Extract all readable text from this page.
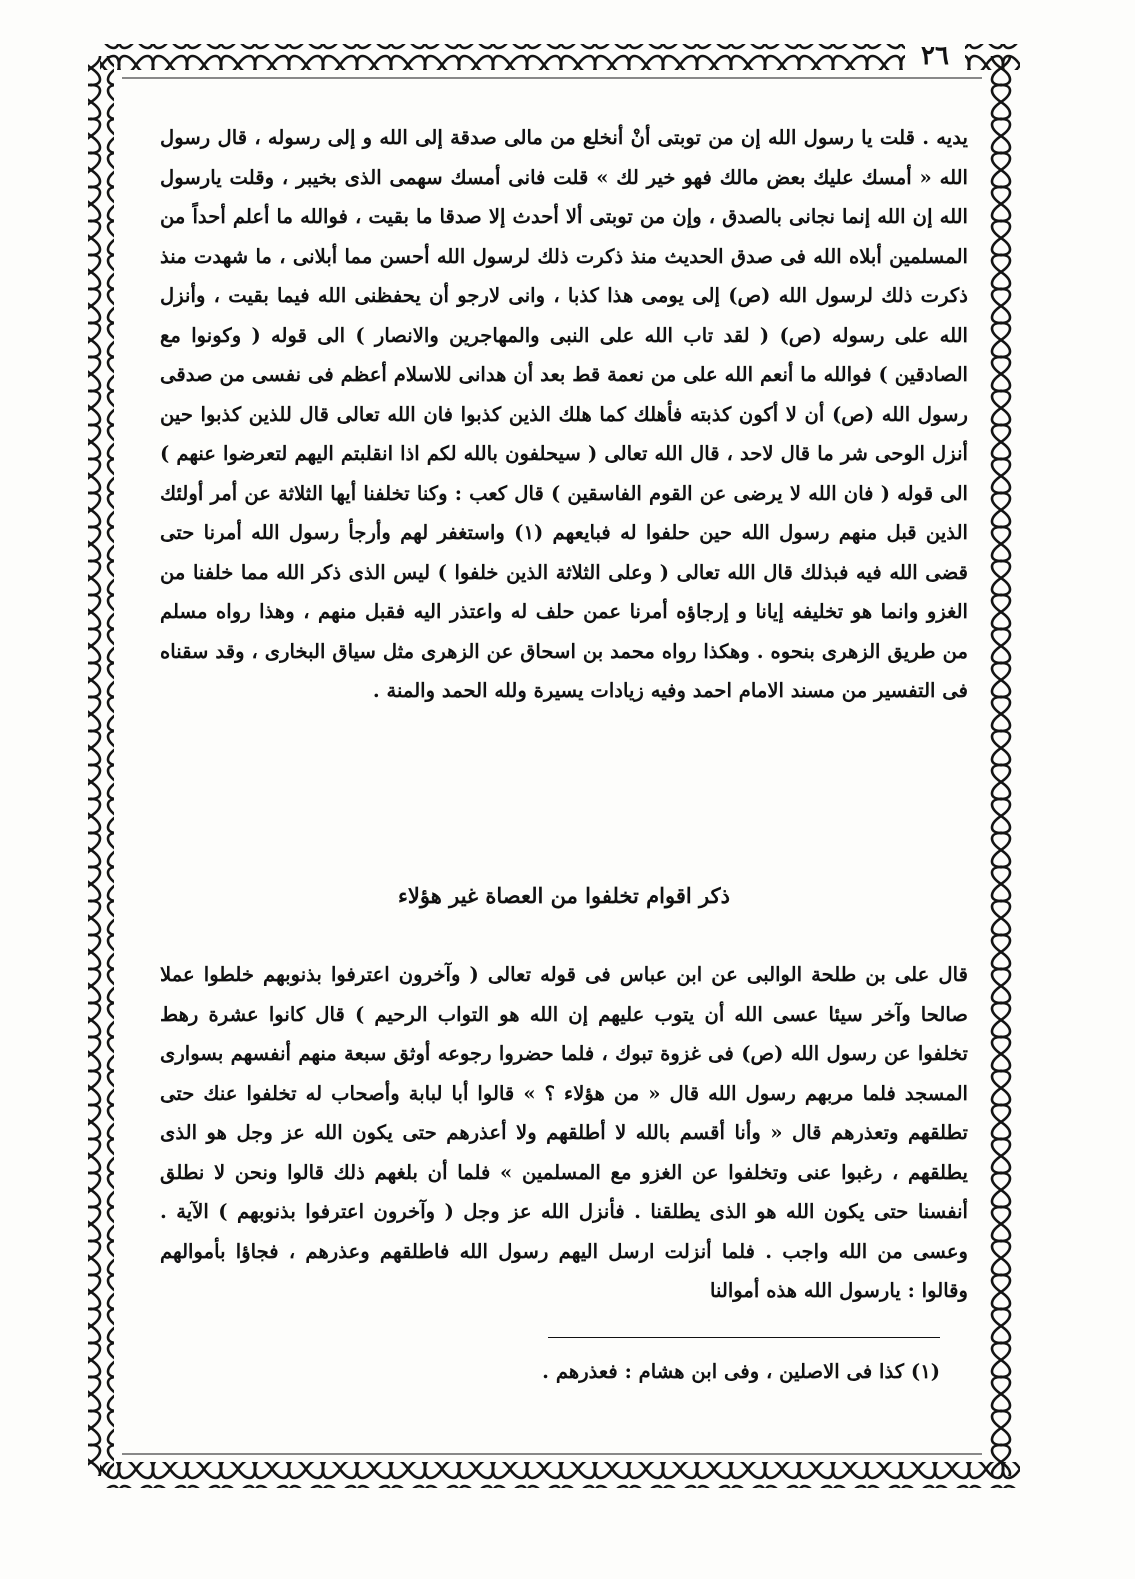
٢٦
يديه . قلت يا رسول الله إن من توبتى أنْ أنخلع من مالى صدقة إلى الله و إلى رسوله ، قال رسول الله « أمسك عليك بعض مالك فهو خير لك » قلت فانى أمسك سهمى الذى بخيبر ، وقلت يارسول الله إن الله إنما نجانى بالصدق ، وإن من توبتى ألا أحدث إلا صدقا ما بقيت ، فوالله ما أعلم أحداً من المسلمين أبلاه الله فى صدق الحديث منذ ذكرت ذلك لرسول الله أحسن مما أبلانى ، ما شهدت منذ ذكرت ذلك لرسول الله (ص) إلى يومى هذا كذبا ، وانى لارجو أن يحفظنى الله فيما بقيت ، وأنزل الله على رسوله (ص) ( لقد تاب الله على النبى والمهاجرين والانصار ) الى قوله ( وكونوا مع الصادقين ) فوالله ما أنعم الله على من نعمة قط بعد أن هدانى للاسلام أعظم فى نفسى من صدقى رسول الله (ص) أن لا أكون كذبته فأهلك كما هلك الذين كذبوا فان الله تعالى قال للذين كذبوا حين أنزل الوحى شر ما قال لاحد ، قال الله تعالى ( سيحلفون بالله لكم اذا انقلبتم اليهم لتعرضوا عنهم ) الى قوله ( فان الله لا يرضى عن القوم الفاسقين ) قال كعب : وكنا تخلفنا أيها الثلاثة عن أمر أولئك الذين قبل منهم رسول الله حين حلفوا له فبايعهم (١) واستغفر لهم وأرجأ رسول الله أمرنا حتى قضى الله فيه فبذلك قال الله تعالى ( وعلى الثلاثة الذين خلفوا ) ليس الذى ذكر الله مما خلفنا من الغزو وانما هو تخليفه إيانا و إرجاؤه أمرنا عمن حلف له واعتذر اليه فقبل منهم ، وهذا رواه مسلم من طريق الزهرى بنحوه . وهكذا رواه محمد بن اسحاق عن الزهرى مثل سياق البخارى ، وقد سقناه فى التفسير من مسند الامام احمد وفيه زيادات يسيرة ولله الحمد والمنة .
ذكر اقوام تخلفوا من العصاة غير هؤلاء
قال على بن طلحة الوالبى عن ابن عباس فى قوله تعالى ( وآخرون اعترفوا بذنوبهم خلطوا عملا صالحا وآخر سيئا عسى الله أن يتوب عليهم إن الله هو التواب الرحيم ) قال كانوا عشرة رهط تخلفوا عن رسول الله (ص) فى غزوة تبوك ، فلما حضروا رجوعه أوثق سبعة منهم أنفسهم بسوارى المسجد فلما مربهم رسول الله قال « من هؤلاء ؟ » قالوا أبا لبابة وأصحاب له تخلفوا عنك حتى تطلقهم وتعذرهم قال « وأنا أقسم بالله لا أطلقهم ولا أعذرهم حتى يكون الله عز وجل هو الذى يطلقهم ، رغبوا عنى وتخلفوا عن الغزو مع المسلمين » فلما أن بلغهم ذلك قالوا ونحن لا نطلق أنفسنا حتى يكون الله هو الذى يطلقنا . فأنزل الله عز وجل ( وآخرون اعترفوا بذنوبهم ) الآية . وعسى من الله واجب . فلما أنزلت ارسل اليهم رسول الله فاطلقهم وعذرهم ، فجاؤا بأموالهم وقالوا : يارسول الله هذه أموالنا
(١) كذا فى الاصلين ، وفى ابن هشام : فعذرهم .
